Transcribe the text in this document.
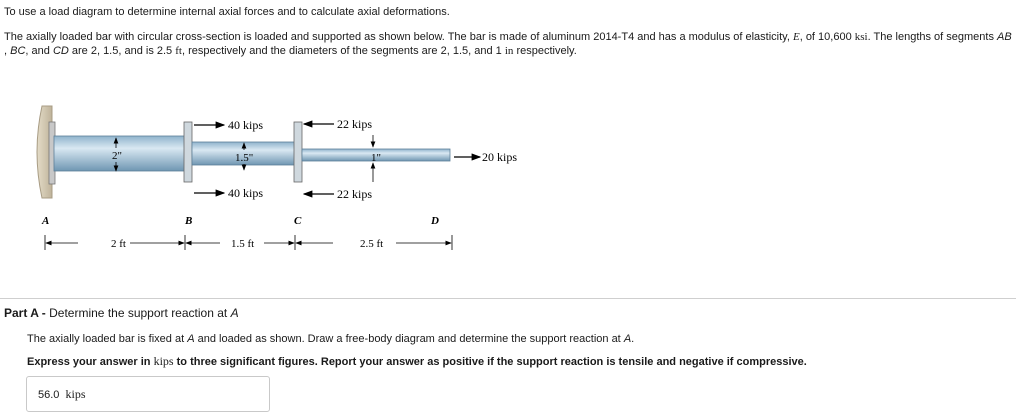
To use a load diagram to determine internal axial forces and to calculate axial deformations.

The axially loaded bar with circular cross-section is loaded and supported as shown below. The bar is made of aluminum 2014-T4 and has a modulus of elasticity, E, of 10,600 ksi. The lengths of segments AB , BC, and CD are 2, 1.5, and is 2.5 ft, respectively and the diameters of the segments are 2, 1.5, and 1 in respectively.

2"	1.5"	1"
40 kips
40 kips
22 kips
22 kips
20 kips
A	B	C	D
2 ft	1.5 ft	2.5 ft
Part A - Determine the support reaction at A
The axially loaded bar is fixed at A and loaded as shown. Draw a free-body diagram and determine the support reaction at A.
Express your answer in kips to three significant figures. Report your answer as positive if the support reaction is tensile and negative if compressive.
56.0 kips
